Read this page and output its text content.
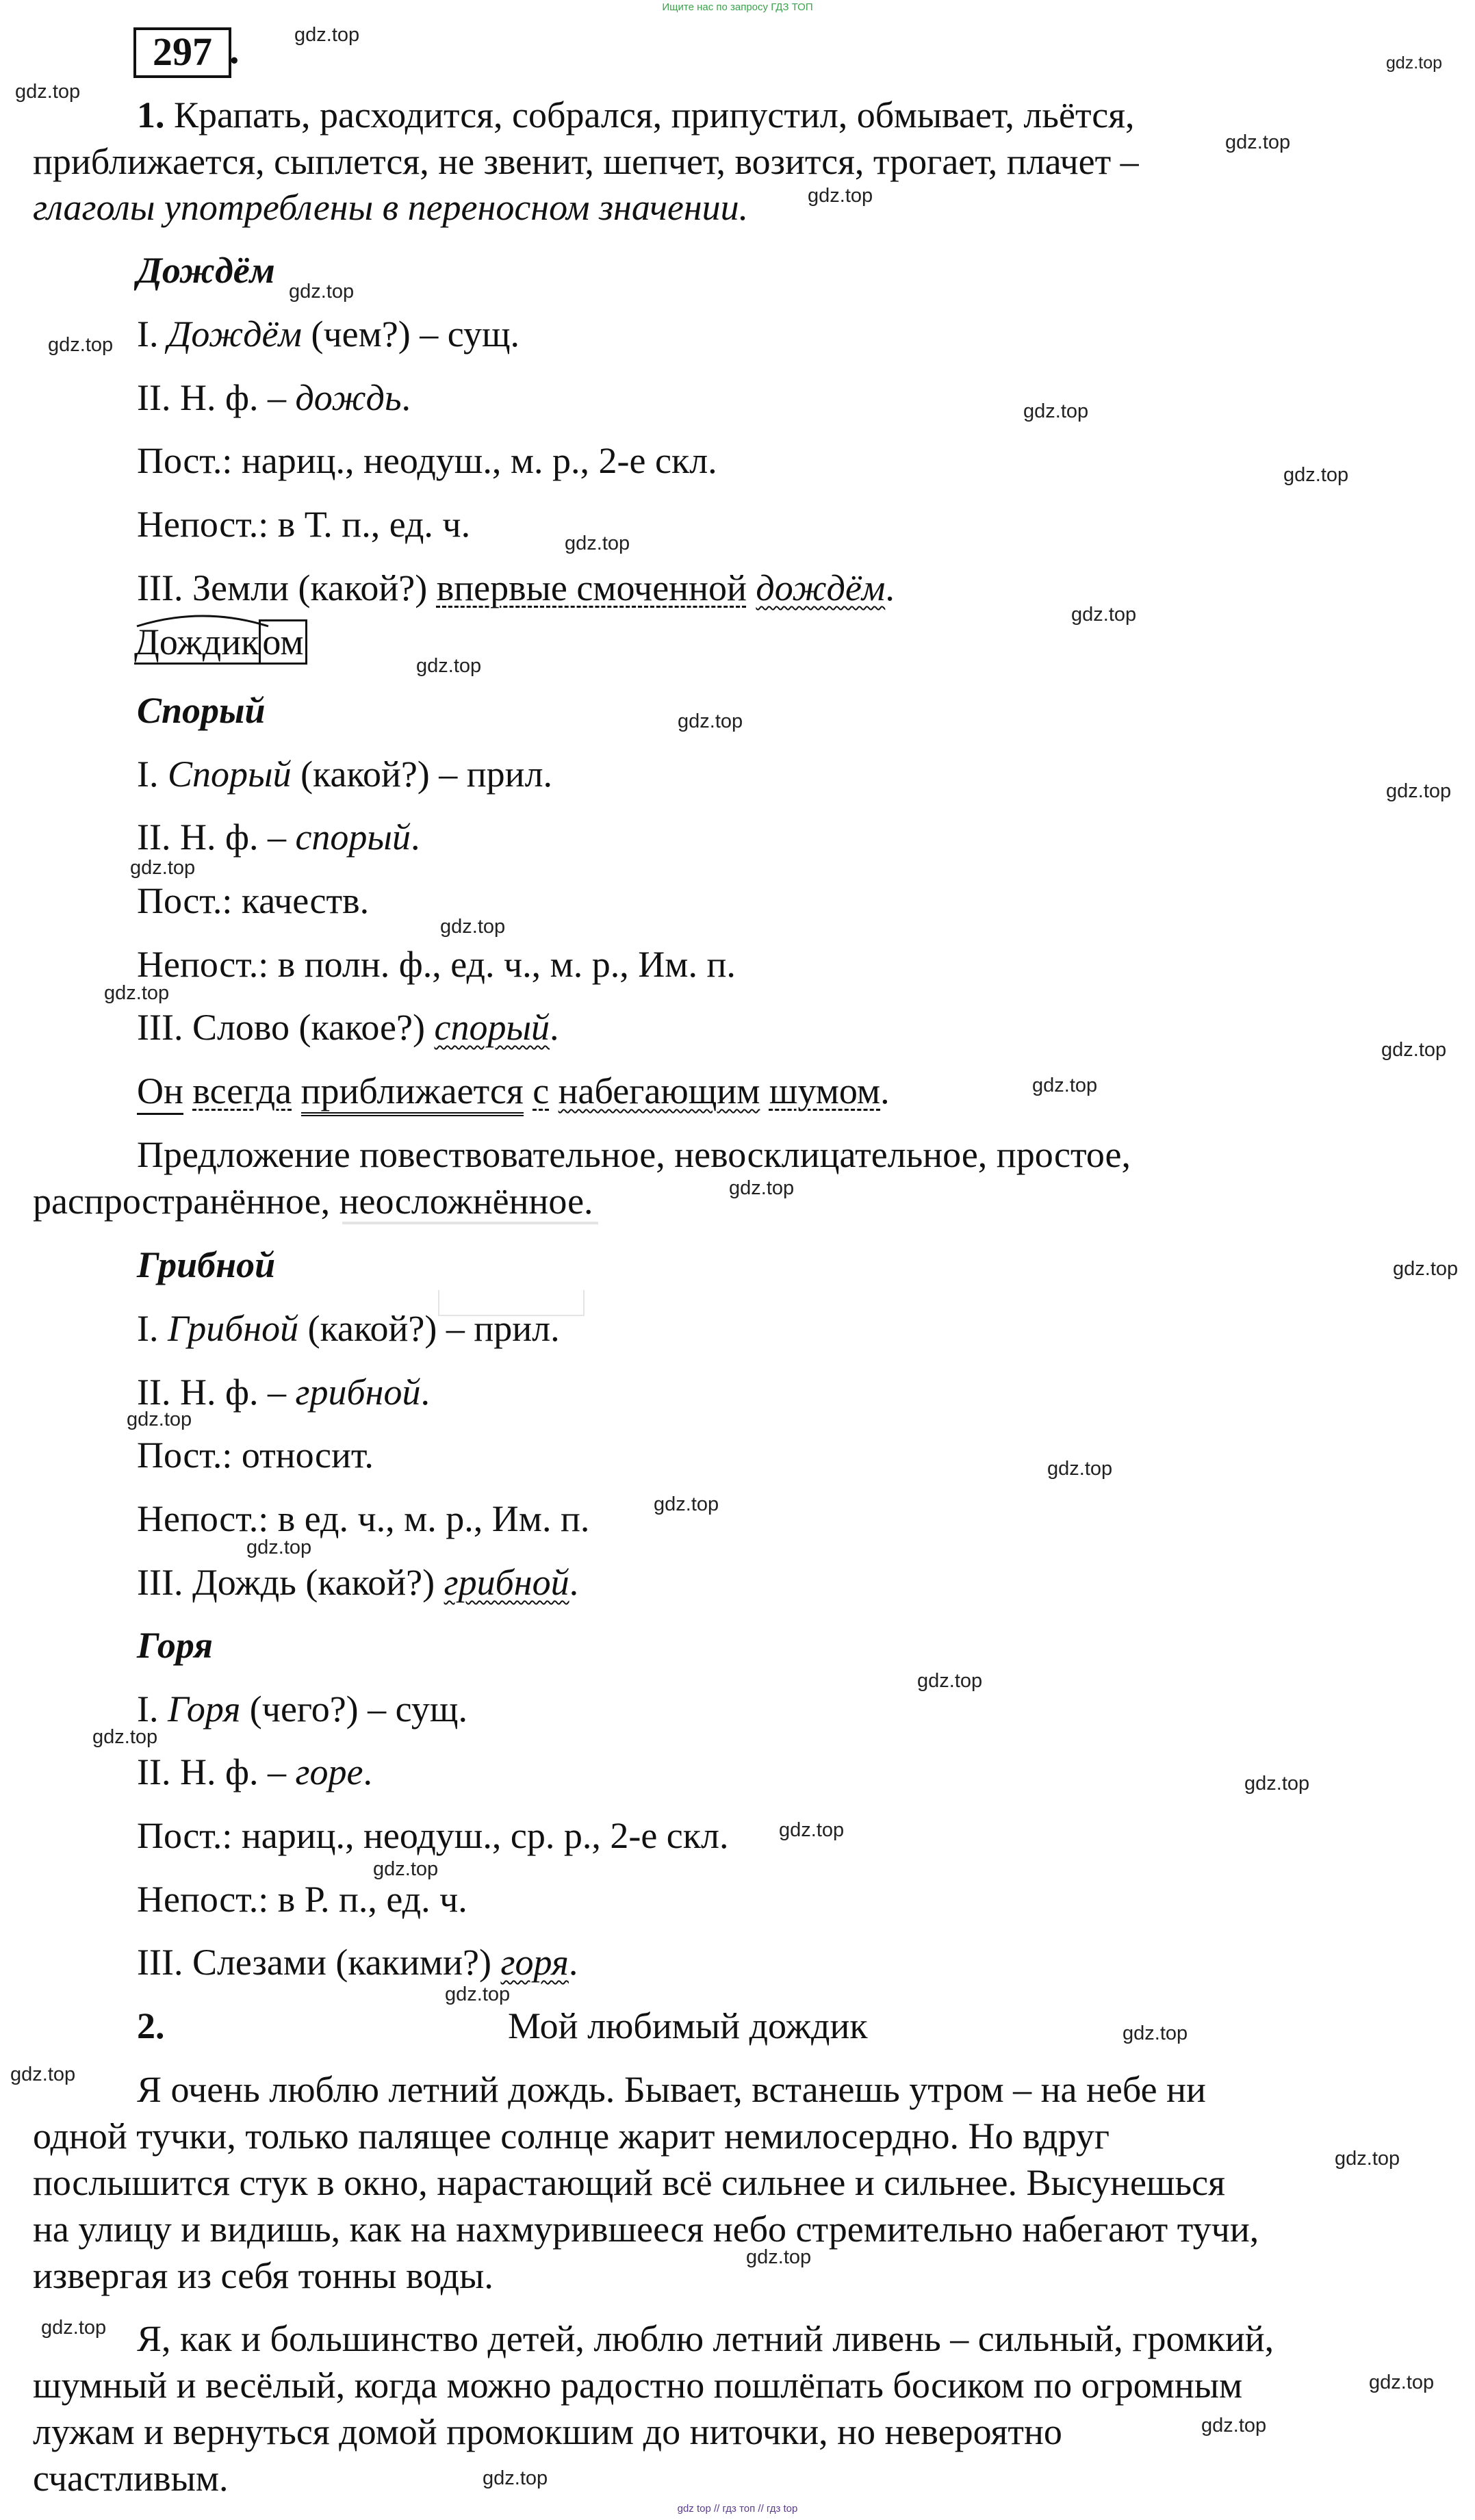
Ищите нас по запросу ГДЗ ТОП
gdz top // гдз топ // гдз top
297 .
1. Крапать, расходится, собрался, припустил, обмывает, льётся,
приближается, сыплется, не звенит, шепчет, возится, трогает, плачет –
глаголы употреблены в переносном значении.
Дождём
I. Дождём (чем?) – сущ.
II. Н. ф. – дождь.
Пост.: нариц., неодуш., м. р., 2-е скл.
Непост.: в Т. п., ед. ч.
III. Земли (какой?) впервые смоченной дождём.
Дождиком
Спорый
I. Спорый (какой?) – прил.
II. Н. ф. – спорый.
Пост.: качеств.
Непост.: в полн. ф., ед. ч., м. р., Им. п.
III. Слово (какое?) спорый.
Он всегда приближается с набегающим шумом.
Предложение повествовательное, невосклицательное, простое,
распространённое, неосложнённое.
Грибной
I. Грибной (какой?) – прил.
II. Н. ф. – грибной.
Пост.: относит.
Непост.: в ед. ч., м. р., Им. п.
III. Дождь (какой?) грибной.
Горя
I. Горя (чего?) – сущ.
II. Н. ф. – горе.
Пост.: нариц., неодуш., ср. р., 2-е скл.
Непост.: в Р. п., ед. ч.
III. Слезами (какими?) горя.
2.	Мой любимый дождик
Я очень люблю летний дождь. Бывает, встанешь утром – на небе ни
одной тучки, только палящее солнце жарит немилосердно. Но вдруг
послышится стук в окно, нарастающий всё сильнее и сильнее. Высунешься
на улицу и видишь, как на нахмурившееся небо стремительно набегают тучи,
извергая из себя тонны воды.
Я, как и большинство детей, люблю летний ливень – сильный, громкий,
шумный и весёлый, когда можно радостно пошлёпать босиком по огромным
лужам и вернуться домой промокшим до ниточки, но невероятно
счастливым.
gdz.top
gdz.top
gdz.top
gdz.top
gdz.top
gdz.top
gdz.top
gdz.top
gdz.top
gdz.top
gdz.top
gdz.top
gdz.top
gdz.top
gdz.top
gdz.top
gdz.top
gdz.top
gdz.top
gdz.top
gdz.top
gdz.top
gdz.top
gdz.top
gdz.top
gdz.top
gdz.top
gdz.top
gdz.top
gdz.top
gdz.top
gdz.top
gdz.top
gdz.top
gdz.top
gdz.top
gdz.top
gdz.top
gdz.top
